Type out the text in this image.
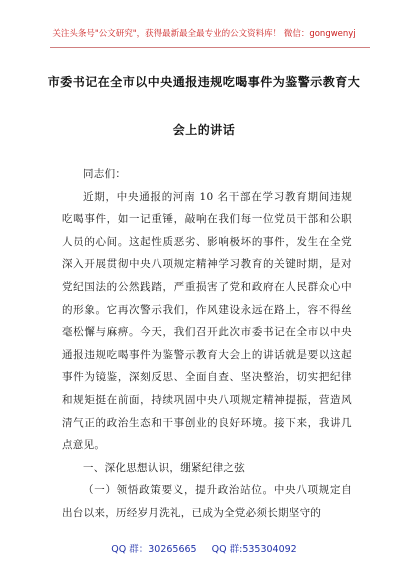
关注头条号"公文研究"，获得最新最全最专业的公文资料库！ 微信：gongwenyj
市委书记在全市以中央通报违规吃喝事件为鉴警示教育大
会上的讲话

同志们：

近期，中央通报的河南 10 名干部在学习教育期间违规吃喝事件，如一记重锤，敲响在我们每一位党员干部和公职人员的心间。这起性质恶劣、影响极坏的事件，发生在全党深入开展贯彻中央八项规定精神学习教育的关键时期，是对党纪国法的公然践踏，严重损害了党和政府在人民群众心中的形象。它再次警示我们，作风建设永远在路上，容不得丝毫松懈与麻痹。今天，我们召开此次市委书记在全市以中央通报违规吃喝事件为鉴警示教育大会上的讲话就是要以这起事件为镜鉴，深刻反思、全面自查、坚决整治，切实把纪律和规矩挺在前面，持续巩固中央八项规定精神提振，营造风清气正的政治生态和干事创业的良好环境。接下来，我讲几点意见。

一、深化思想认识，绷紧纪律之弦

（一）领悟政策要义，提升政治站位。中央八项规定自出台以来，历经岁月洗礼，已成为全党必须长期坚守的

QQ 群：30265665 QQ 群:535304092
